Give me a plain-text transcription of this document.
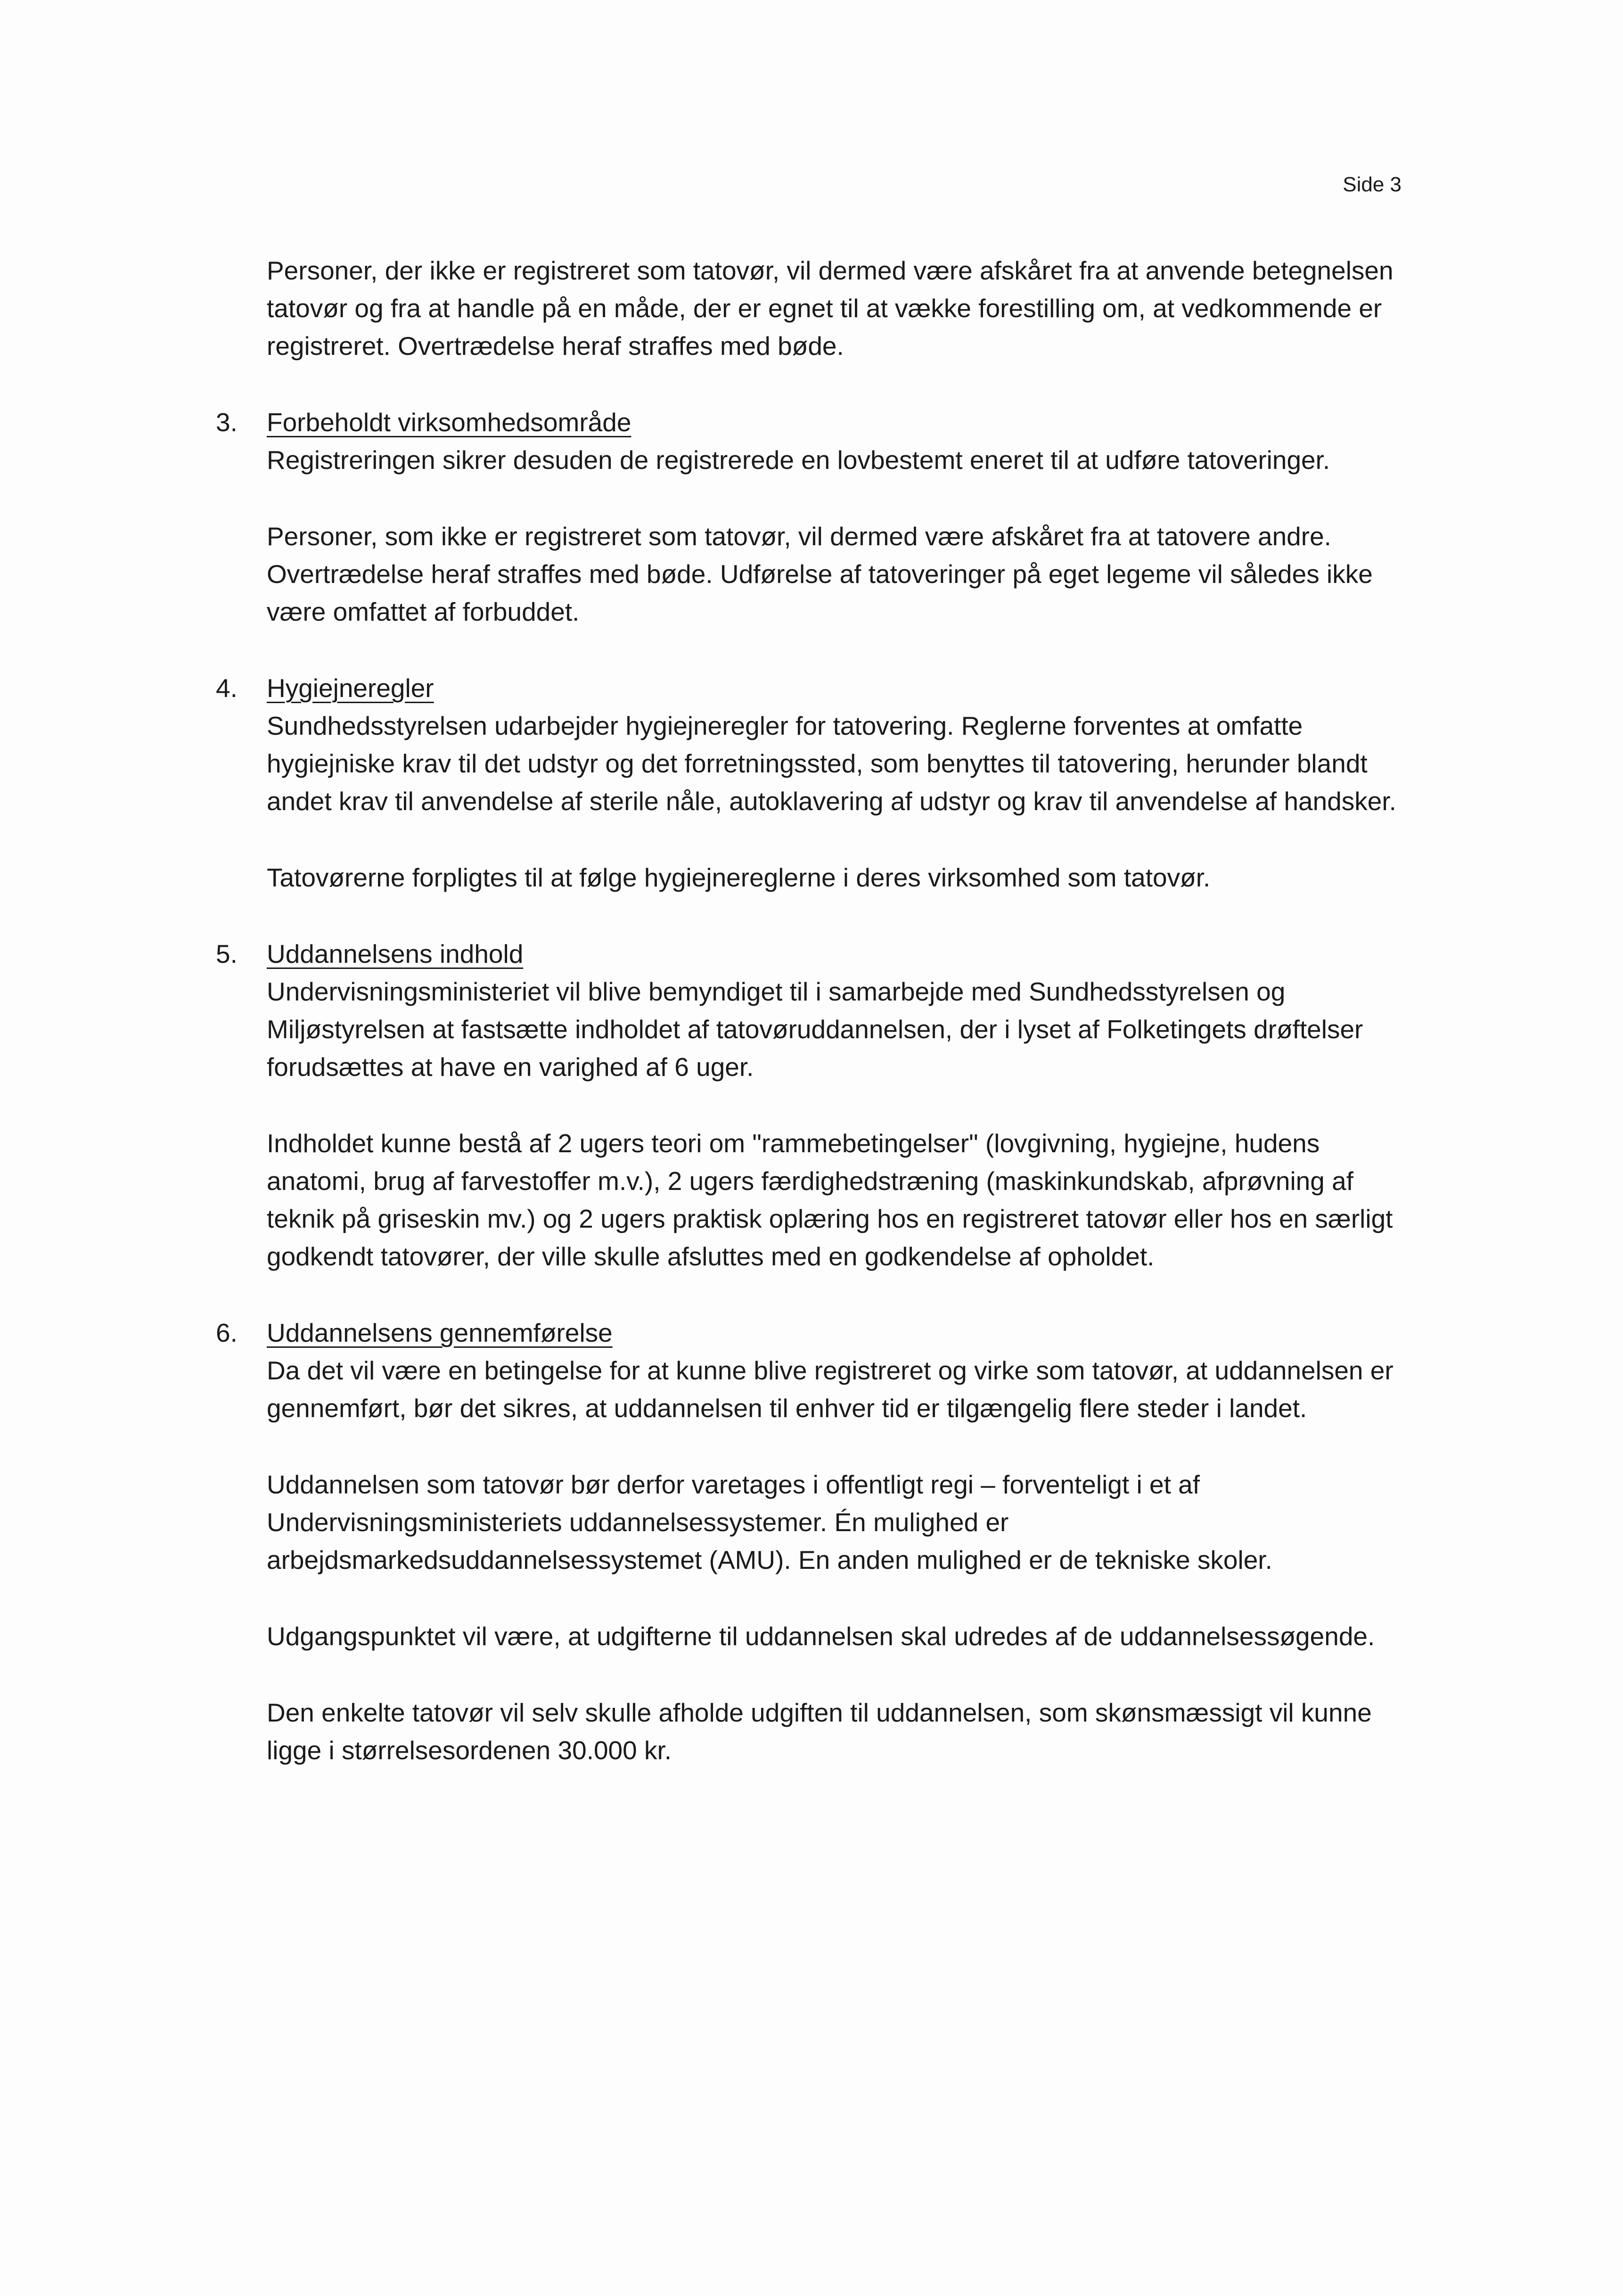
Side 3

Personer, der ikke er registreret som tatovør, vil dermed være afskåret fra at anvende betegnelsen tatovør og fra at handle på en måde, der er egnet til at vække forestilling om, at vedkommende er registreret. Overtrædelse heraf straffes med bøde.

3. Forbeholdt virksomhedsområde

Registreringen sikrer desuden de registrerede en lovbestemt eneret til at udføre tatoveringer.

Personer, som ikke er registreret som tatovør, vil dermed være afskåret fra at tatovere andre. Overtrædelse heraf straffes med bøde. Udførelse af tatoveringer på eget legeme vil således ikke være omfattet af forbuddet.

4. Hygiejneregler

Sundhedsstyrelsen udarbejder hygiejneregler for tatovering. Reglerne forventes at omfatte hygiejniske krav til det udstyr og det forretningssted, som benyttes til tatovering, herunder blandt andet krav til anvendelse af sterile nåle, autoklavering af udstyr og krav til anvendelse af handsker.

Tatovørerne forpligtes til at følge hygiejnereglerne i deres virksomhed som tatovør.

5. Uddannelsens indhold

Undervisningsministeriet vil blive bemyndiget til i samarbejde med Sundhedsstyrelsen og Miljøstyrelsen at fastsætte indholdet af tatovøruddannelsen, der i lyset af Folketingets drøftelser forudsættes at have en varighed af 6 uger.

Indholdet kunne bestå af 2 ugers teori om "rammebetingelser" (lovgivning, hygiejne, hudens anatomi, brug af farvestoffer m.v.), 2 ugers færdighedstræning (maskinkundskab, afprøvning af teknik på griseskin mv.) og 2 ugers praktisk oplæring hos en registreret tatovør eller hos en særligt godkendt tatovører, der ville skulle afsluttes med en godkendelse af opholdet.

6. Uddannelsens gennemførelse

Da det vil være en betingelse for at kunne blive registreret og virke som tatovør, at uddannelsen er gennemført, bør det sikres, at uddannelsen til enhver tid er tilgængelig flere steder i landet.

Uddannelsen som tatovør bør derfor varetages i offentligt regi – forventeligt i et af Undervisningsministeriets uddannelsessystemer. Én mulighed er arbejdsmarkedsuddannelsessystemet (AMU). En anden mulighed er de tekniske skoler.

Udgangspunktet vil være, at udgifterne til uddannelsen skal udredes af de uddannelsessøgende.

Den enkelte tatovør vil selv skulle afholde udgiften til uddannelsen, som skønsmæssigt vil kunne ligge i størrelsesordenen 30.000 kr.
